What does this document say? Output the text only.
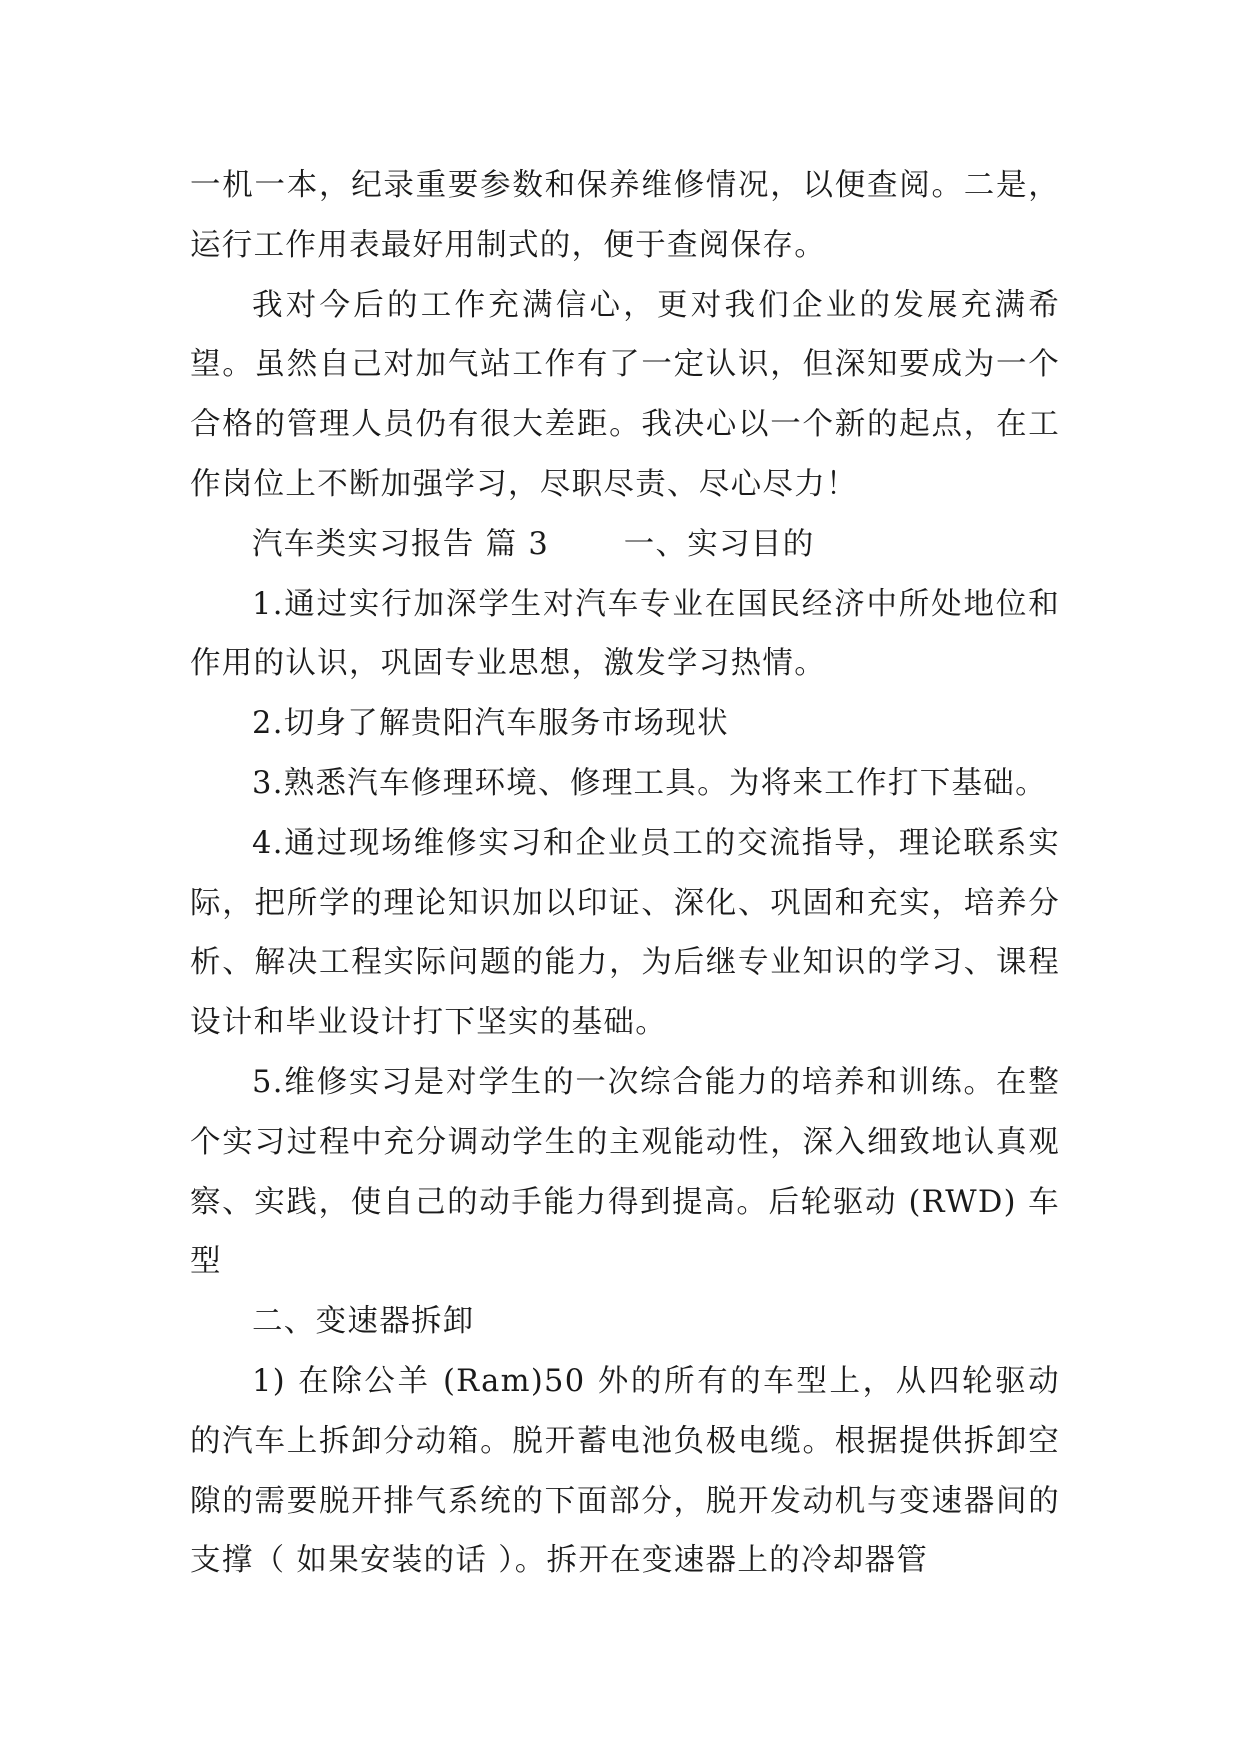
一机一本，纪录重要参数和保养维修情况，以便查阅。二是，运行工作用表最好用制式的，便于查阅保存。

我对今后的工作充满信心，更对我们企业的发展充满希望。虽然自己对加气站工作有了一定认识，但深知要成为一个合格的管理人员仍有很大差距。我决心以一个新的起点，在工作岗位上不断加强学习，尽职尽责、尽心尽力！

汽车类实习报告 篇 3　　 一、实习目的

1.通过实行加深学生对汽车专业在国民经济中所处地位和作用的认识，巩固专业思想，激发学习热情。

2.切身了解贵阳汽车服务市场现状

3.熟悉汽车修理环境、修理工具。为将来工作打下基础。

4.通过现场维修实习和企业员工的交流指导，理论联系实际，把所学的理论知识加以印证、深化、巩固和充实，培养分析、解决工程实际问题的能力，为后继专业知识的学习、课程设计和毕业设计打下坚实的基础。

5.维修实习是对学生的一次综合能力的培养和训练。在整个实习过程中充分调动学生的主观能动性，深入细致地认真观察、实践，使自己的动手能力得到提高。后轮驱动 (RWD) 车型

二、变速器拆卸

1) 在除公羊 (Ram)50 外的所有的车型上，从四轮驱动的汽车上拆卸分动箱。脱开蓄电池负极电缆。根据提供拆卸空隙的需要脱开排气系统的下面部分，脱开发动机与变速器间的支撑（ 如果安装的话 ）。拆开在变速器上的冷却器管
